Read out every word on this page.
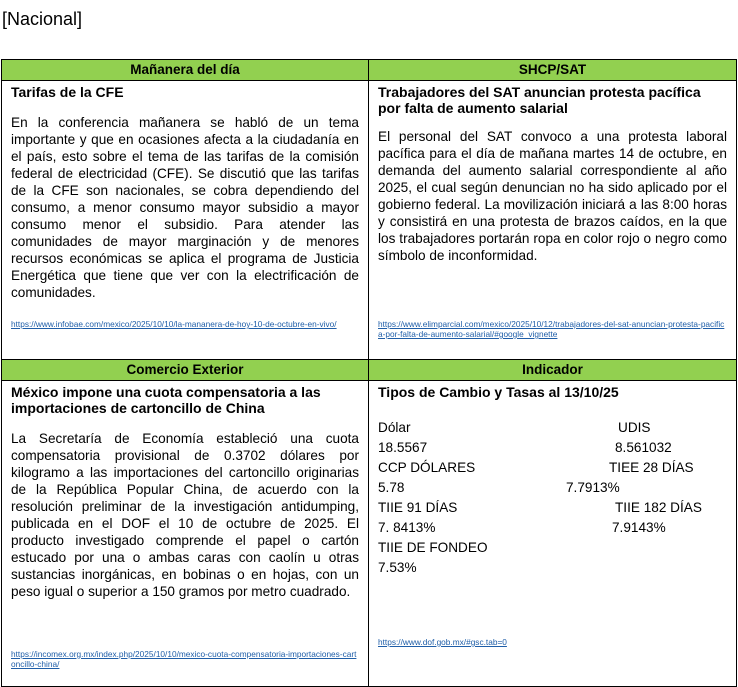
[Nacional]
Mañanera del día	SHCP/SAT

Tarifas de la CFE

En la conferencia mañanera se habló de un tema importante y que en ocasiones afecta a la ciudadanía en el país, esto sobre el tema de las tarifas de la comisión federal de electricidad (CFE). Se discutió que las tarifas de la CFE son nacionales, se cobra dependiendo del consumo, a menor consumo mayor subsidio a mayor consumo menor el subsidio. Para atender las comunidades de mayor marginación y de menores recursos económicas se aplica el programa de Justicia Energética que tiene que ver con la electrificación de comunidades.

https://www.infobae.com/mexico/2025/10/10/la-mananera-de-hoy-10-de-octubre-en-vivo/

Trabajadores del SAT anuncian protesta pacífica por falta de aumento salarial

El personal del SAT convoco a una protesta laboral pacífica para el día de mañana martes 14 de octubre, en demanda del aumento salarial correspondiente al año 2025, el cual según denuncian no ha sido aplicado por el gobierno federal. La movilización iniciará a las 8:00 horas y consistirá en una protesta de brazos caídos, en la que los trabajadores portarán ropa en color rojo o negro como símbolo de inconformidad.

https://www.elimparcial.com/mexico/2025/10/12/trabajadores-del-sat-anuncian-protesta-pacifica-por-falta-de-aumento-salarial/#google_vignette
Comercio Exterior	Indicador

México impone una cuota compensatoria a las importaciones de cartoncillo de China

La Secretaría de Economía estableció una cuota compensatoria provisional de 0.3702 dólares por kilogramo a las importaciones del cartoncillo originarias de la República Popular China, de acuerdo con la resolución preliminar de la investigación antidumping, publicada en el DOF el 10 de octubre de 2025. El producto investigado comprende el papel o cartón estucado por una o ambas caras con caolín u otras sustancias inorgánicas, en bobinas o en hojas, con un peso igual o superior a 150 gramos por metro cuadrado.

https://incomex.org.mx/index.php/2025/10/10/mexico-cuota-compensatoria-importaciones-cartoncillo-china/

Tipos de Cambio y Tasas al 13/10/25

Dólar	UDIS
18.5567	8.561032
CCP DÓLARES	TIEE 28 DÍAS
5.78	7.7913%
TIIE 91 DÍAS	TIIE 182 DÍAS
7. 8413%	7.9143%
TIIE DE FONDEO
7.53%
https://www.dof.gob.mx/#gsc.tab=0
